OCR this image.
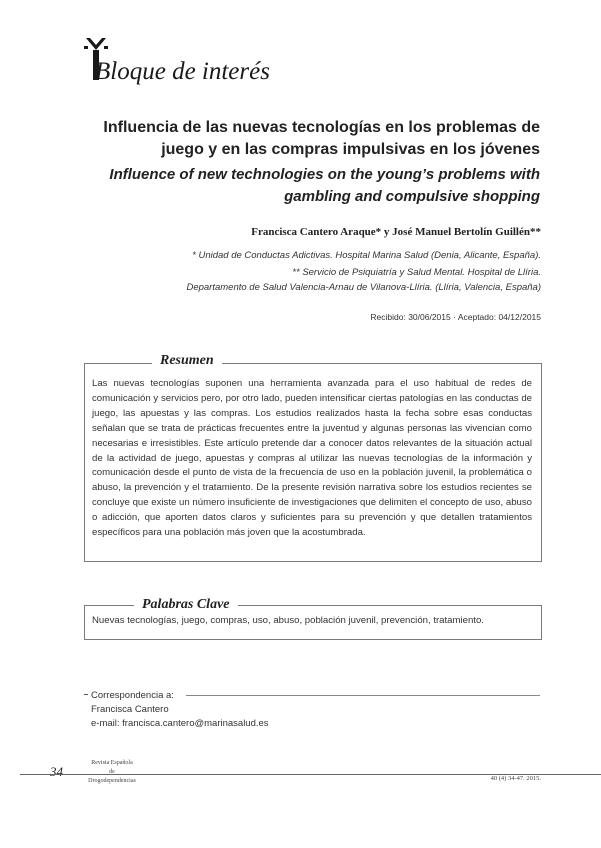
Bloque de interés
Influencia de las nuevas tecnologías en los problemas de juego y en las compras impulsivas en los jóvenes
Influence of new technologies on the young’s problems with gambling and compulsive shopping
Francisca Cantero Araque* y José Manuel Bertolín Guillén**
* Unidad de Conductas Adictivas. Hospital Marina Salud (Denia, Alicante, España).
** Servicio de Psiquiatría y Salud Mental. Hospital de Llíria.
Departamento de Salud Valencia-Arnau de Vilanova-Llíria. (Llíria, Valencia, España)
Recibido: 30/06/2015 · Aceptado: 04/12/2015
Resumen
Las nuevas tecnologías suponen una herramienta avanzada para el uso habitual de redes de comunicación y servicios pero, por otro lado, pueden intensificar ciertas patologías en las conductas de juego, las apuestas y las compras. Los estudios realizados hasta la fecha sobre esas conductas señalan que se trata de prácticas frecuentes entre la juventud y algunas personas las vivencian como necesarias e irresistibles. Este artículo pretende dar a conocer datos relevantes de la situación actual de la actividad de juego, apuestas y compras al utilizar las nuevas tecnologías de la información y comunicación desde el punto de vista de la frecuencia de uso en la población juvenil, la problemática o abuso, la prevención y el tratamiento. De la presente revisión narrativa sobre los estudios recientes se concluye que existe un número insuficiente de investigaciones que delimiten el concepto de uso, abuso o adicción, que aporten datos claros y suficientes para su prevención y que detallen tratamientos específicos para una población más joven que la acostumbrada.
Palabras Clave
Nuevas tecnologías, juego, compras, uso, abuso, población juvenil, prevención, tratamiento.
Correspondencia a:
Francisca Cantero
e-mail: francisca.cantero@marinasalud.es
34
Revista Española
de
Drogodependencias	40 (4) 34-47. 2015.
